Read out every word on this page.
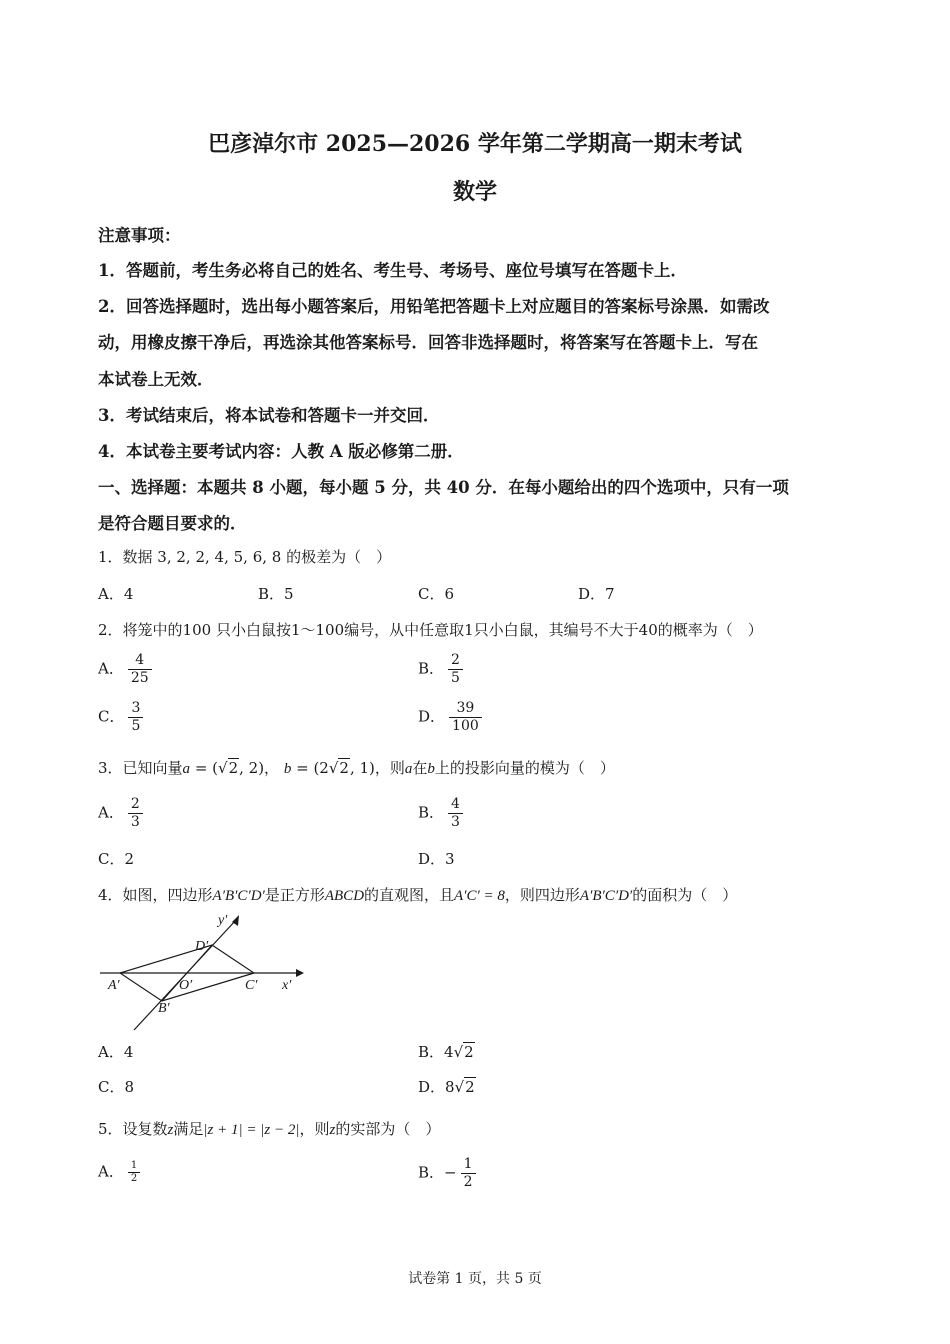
巴彦淖尔市 2025—2026 学年第二学期高一期末考试
数学
注意事项：
1．答题前，考生务必将自己的姓名、考生号、考场号、座位号填写在答题卡上．
2．回答选择题时，选出每小题答案后，用铅笔把答题卡上对应题目的答案标号涂黑．如需改
动，用橡皮擦干净后，再选涂其他答案标号．回答非选择题时，将答案写在答题卡上．写在
本试卷上无效．
3．考试结束后，将本试卷和答题卡一并交回．
4．本试卷主要考试内容：人教 A 版必修第二册．
一、选择题：本题共 8 小题，每小题 5 分，共 40 分．在每小题给出的四个选项中，只有一项
是符合题目要求的．
1．数据 3, 2, 2, 4, 5, 6, 8 的极差为（　）
A．4	B．5	C．6	D．7
2．将笼中的100 只小白鼠按1～100编号，从中任意取1只小白鼠，其编号不大于40的概率为（　）
A． $\frac{4}{25}$	B． $\frac{2}{5}$
C． $\frac{3}{5}$	D． $\frac{39}{100}$
3．已知向量a = (√2, 2)， b = (2√2, 1)，则a在b上的投影向量的模为（　）
A． $\frac{2}{3}$	B． $\frac{4}{3}$
C．2	D．3
4．如图，四边形A′B′C′D′是正方形ABCD的直观图，且A′C′ = 8，则四边形A′B′C′D′的面积为（　）
A′
B′
C′
D′
O′	x′
y′
A．4	B．4√2
C．8	D．8√2
5．设复数z满足|z + 1| = |z − 2|，则z的实部为（　）
A． $\frac{1}{2}$	B．− $\frac{1}{2}$
试卷第 1 页，共 5 页
